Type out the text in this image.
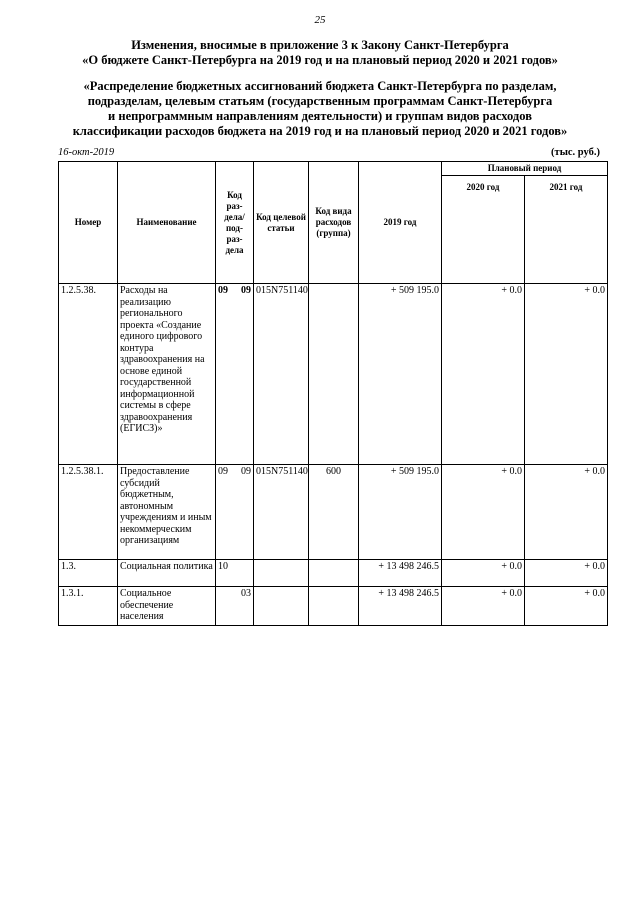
25
Изменения, вносимые в приложение 3 к Закону Санкт-Петербурга
«О бюджете Санкт-Петербурга на 2019 год и на плановый период 2020 и 2021 годов»
«Распределение бюджетных ассигнований бюджета Санкт-Петербурга по разделам,
подразделам, целевым статьям (государственным программам Санкт-Петербурга
и непрограммным направлениям деятельности) и группам видов расходов
классификации расходов бюджета на 2019 год и на плановый период 2020 и 2021 годов»
16-окт-2019	(тыс. руб.)
Номер	Наименование	Код раз-дела/ под-раз-дела	Код целевой статьи	Код вида расходов (группа)	2019 год	Плановый период	
						2020 год	2021 год
1.2.5.38.	Расходы на реализацию регионального проекта «Создание единого цифрового контура здравоохранения на основе единой государственной информационной системы в сфере здравоохранения (ЕГИСЗ)»	09 09	015N751140		+ 509 195.0	+ 0.0	+ 0.0
1.2.5.38.1.	Предоставление субсидий бюджетным, автономным учреждениям и иным некоммерческим организациям	09 09	015N751140	600	+ 509 195.0	+ 0.0	+ 0.0
1.3.	Социальная политика	10			+ 13 498 246.5	+ 0.0	+ 0.0
1.3.1.	Социальное обеспечение населения	03			+ 13 498 246.5	+ 0.0	+ 0.0
